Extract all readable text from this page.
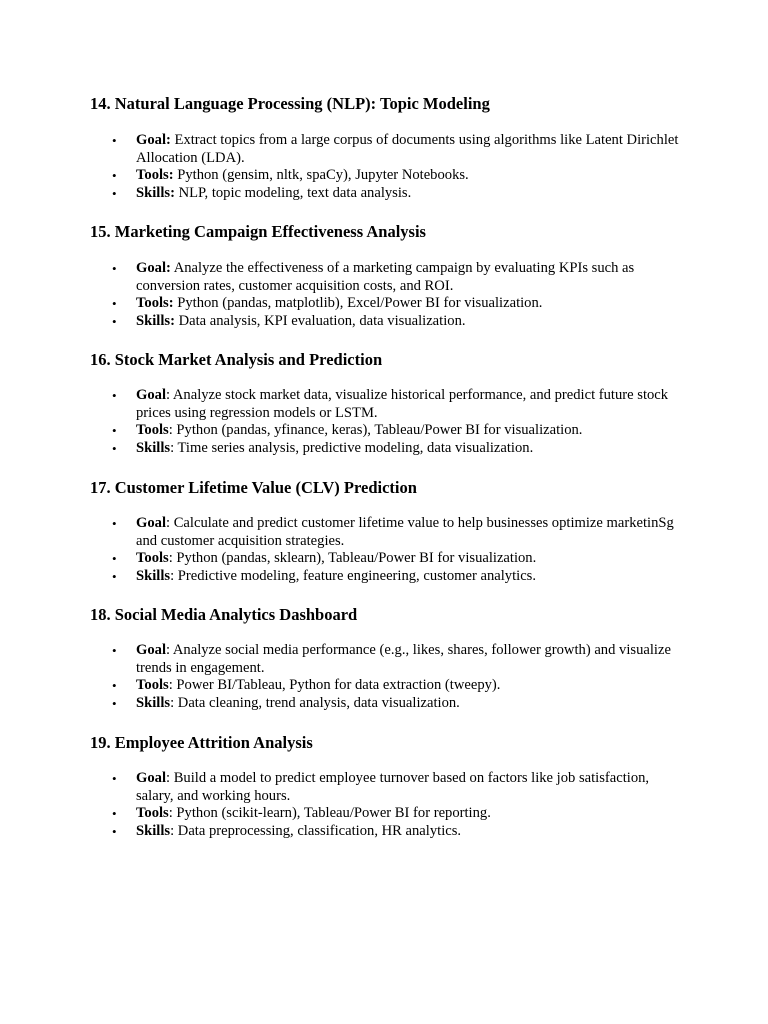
14. Natural Language Processing (NLP): Topic Modeling
• Goal: Extract topics from a large corpus of documents using algorithms like Latent Dirichlet Allocation (LDA).
• Tools: Python (gensim, nltk, spaCy), Jupyter Notebooks.
• Skills: NLP, topic modeling, text data analysis.
15. Marketing Campaign Effectiveness Analysis
• Goal: Analyze the effectiveness of a marketing campaign by evaluating KPIs such as conversion rates, customer acquisition costs, and ROI.
• Tools: Python (pandas, matplotlib), Excel/Power BI for visualization.
• Skills: Data analysis, KPI evaluation, data visualization.
16. Stock Market Analysis and Prediction
• Goal: Analyze stock market data, visualize historical performance, and predict future stock prices using regression models or LSTM.
• Tools: Python (pandas, yfinance, keras), Tableau/Power BI for visualization.
• Skills: Time series analysis, predictive modeling, data visualization.
17. Customer Lifetime Value (CLV) Prediction
• Goal: Calculate and predict customer lifetime value to help businesses optimize marketinSg and customer acquisition strategies.
• Tools: Python (pandas, sklearn), Tableau/Power BI for visualization.
• Skills: Predictive modeling, feature engineering, customer analytics.
18. Social Media Analytics Dashboard
• Goal: Analyze social media performance (e.g., likes, shares, follower growth) and visualize trends in engagement.
• Tools: Power BI/Tableau, Python for data extraction (tweepy).
• Skills: Data cleaning, trend analysis, data visualization.
19. Employee Attrition Analysis
• Goal: Build a model to predict employee turnover based on factors like job satisfaction, salary, and working hours.
• Tools: Python (scikit-learn), Tableau/Power BI for reporting.
• Skills: Data preprocessing, classification, HR analytics.
